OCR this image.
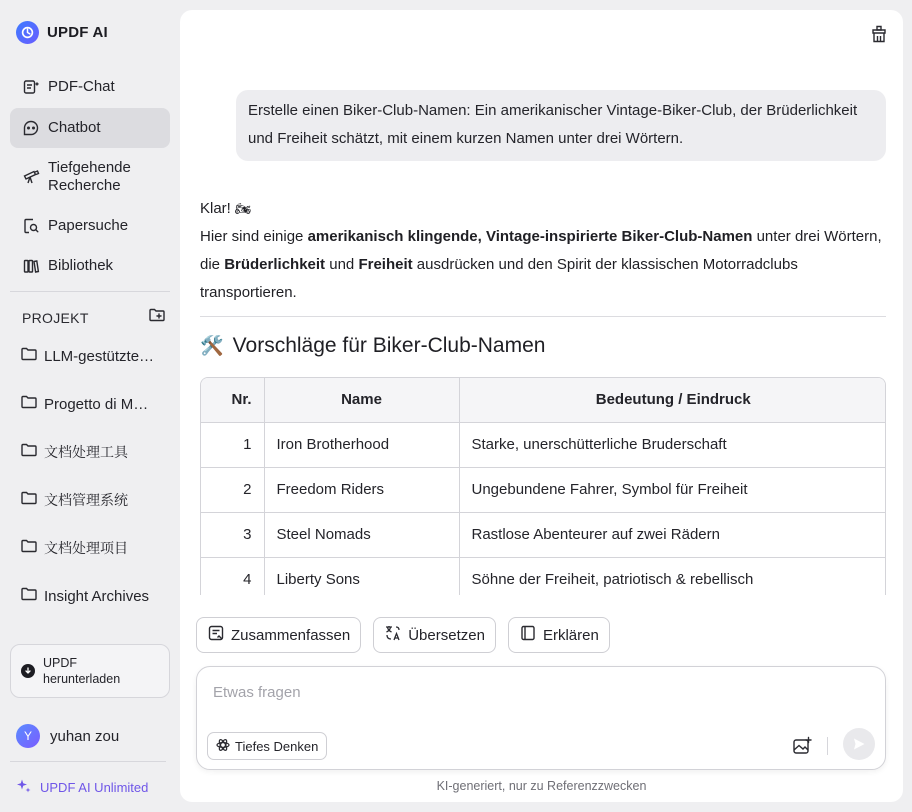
UPDF AI
PDF-Chat
Chatbot
Tiefgehende Recherche
Papersuche
Bibliothek
PROJEKT
LLM-gestützte…
Progetto di M…
文档处理工具
文档管理系统
文档处理项目
Insight Archives
UPDF herunterladen
Y	yuhan zou
UPDF AI Unlimited
Erstelle einen Biker-Club-Namen: Ein amerikanischer Vintage-Biker-Club, der Brüderlichkeit und Freiheit schätzt, mit einem kurzen Namen unter drei Wörtern.
Klar! 🏍
Hier sind einige amerikanisch klingende, Vintage-inspirierte Biker-Club-Namen unter drei Wörtern, die Brüderlichkeit und Freiheit ausdrücken und den Spirit der klassischen Motorradclubs transportieren.
🛠️ Vorschläge für Biker-Club-Namen
Nr.	Name	Bedeutung / Eindruck
1	Iron Brotherhood	Starke, unerschütterliche Bruderschaft
2	Freedom Riders	Ungebundene Fahrer, Symbol für Freiheit
3	Steel Nomads	Rastlose Abenteurer auf zwei Rädern
4	Liberty Sons	Söhne der Freiheit, patriotisch & rebellisch
Zusammenfassen	Übersetzen	Erklären
Etwas fragen
Tiefes Denken
KI-generiert, nur zu Referenzzwecken
